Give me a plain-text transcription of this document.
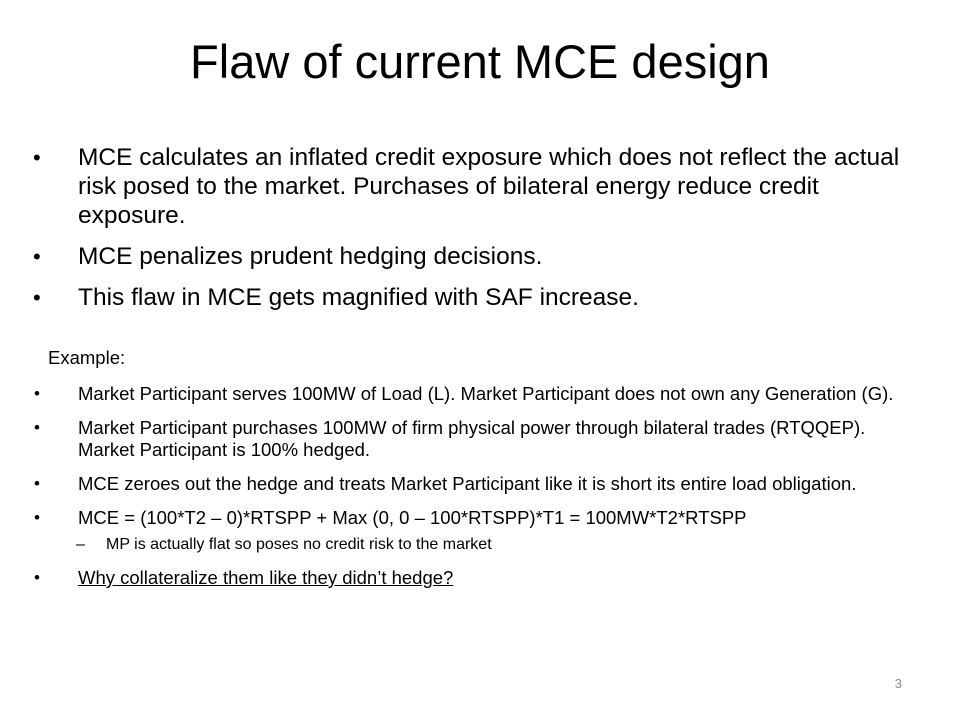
Flaw of current MCE design
• MCE calculates an inflated credit exposure which does not reflect the actual risk posed to the market. Purchases of bilateral energy reduce credit exposure.
• MCE penalizes prudent hedging decisions.
• This flaw in MCE gets magnified with SAF increase.

Example:

• Market Participant serves 100MW of Load (L). Market Participant does not own any Generation (G).
• Market Participant purchases 100MW of firm physical power through bilateral trades (RTQQEP). Market Participant is 100% hedged.
• MCE zeroes out the hedge and treats Market Participant like it is short its entire load obligation.
• MCE = (100*T2 – 0)*RTSPP + Max (0, 0 – 100*RTSPP)*T1 = 100MW*T2*RTSPP
– MP is actually flat so poses no credit risk to the market
• Why collateralize them like they didn’t hedge?
3
